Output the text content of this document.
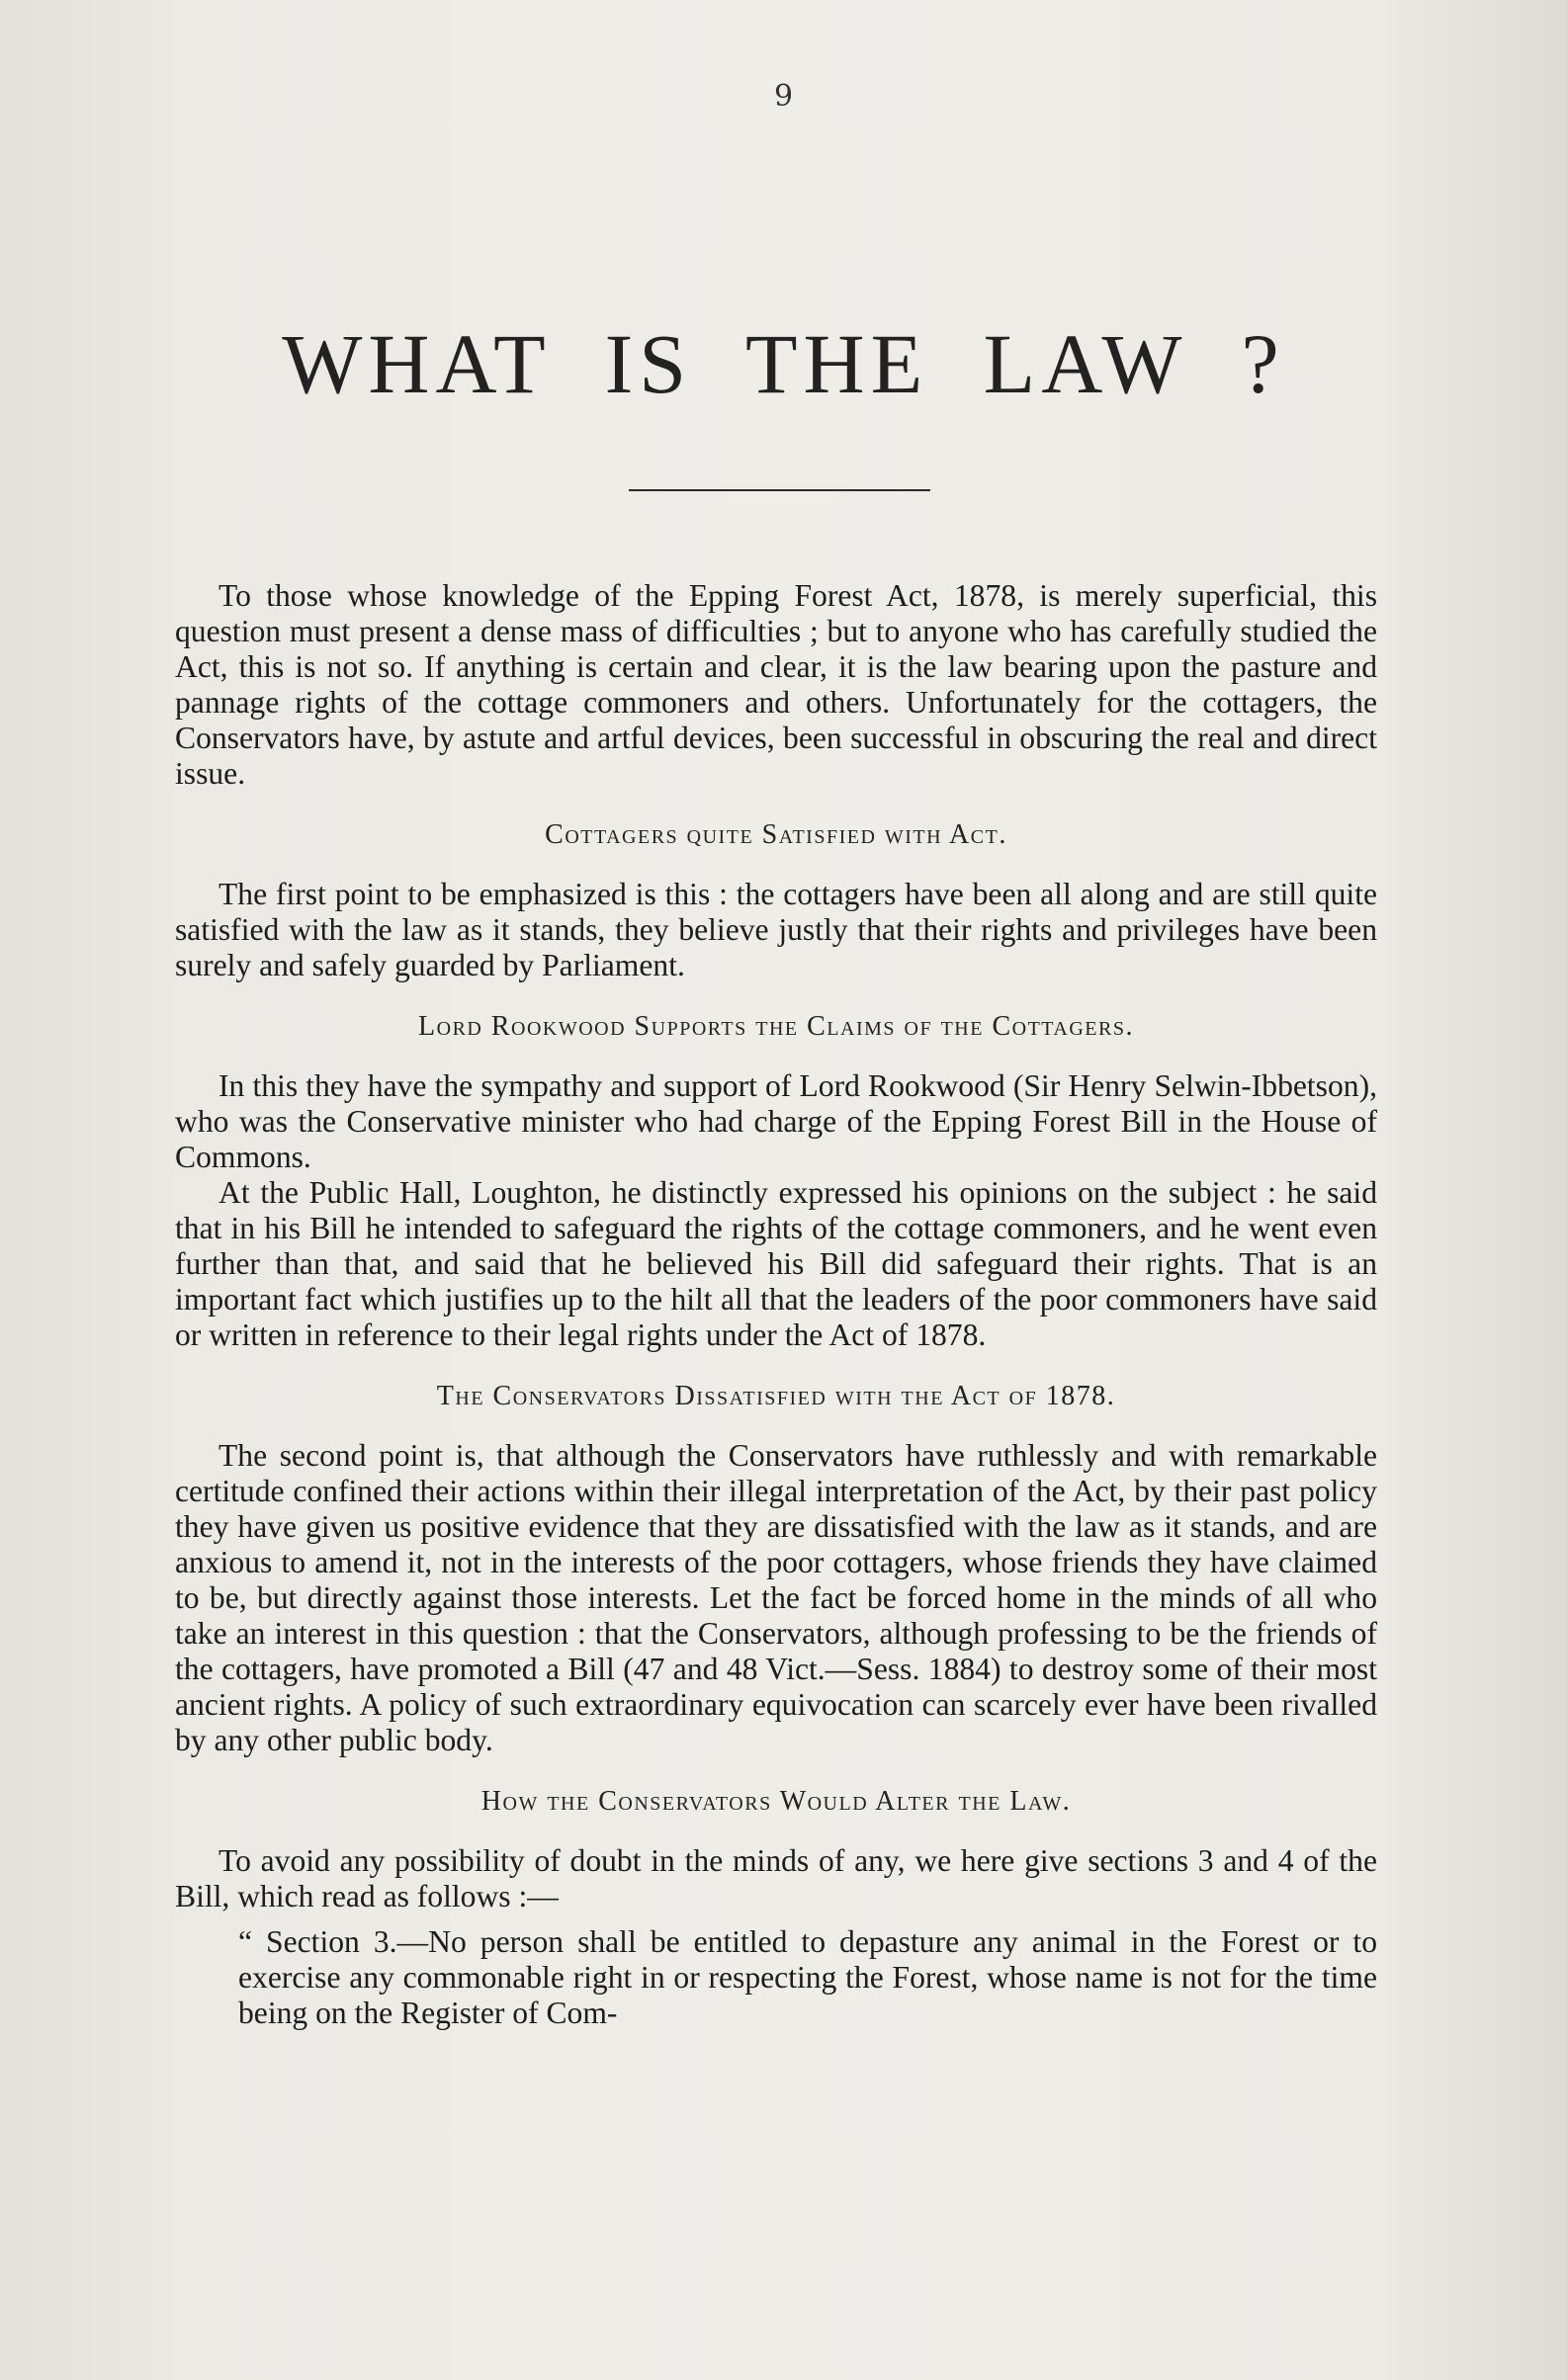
9
WHAT IS THE LAW ?

To those whose knowledge of the Epping Forest Act, 1878, is merely superficial, this question must present a dense mass of difficulties ; but to anyone who has carefully studied the Act, this is not so. If anything is certain and clear, it is the law bearing upon the pasture and pannage rights of the cottage commoners and others. Unfortunately for the cottagers, the Conservators have, by astute and artful devices, been successful in obscuring the real and direct issue.

Cottagers quite Satisfied with Act.

The first point to be emphasized is this : the cottagers have been all along and are still quite satisfied with the law as it stands, they believe justly that their rights and privileges have been surely and safely guarded by Parliament.

Lord Rookwood Supports the Claims of the Cottagers.

In this they have the sympathy and support of Lord Rookwood (Sir Henry Selwin-Ibbetson), who was the Conservative minister who had charge of the Epping Forest Bill in the House of Commons.

At the Public Hall, Loughton, he distinctly expressed his opinions on the subject : he said that in his Bill he intended to safeguard the rights of the cottage commoners, and he went even further than that, and said that he believed his Bill did safeguard their rights. That is an important fact which justifies up to the hilt all that the leaders of the poor commoners have said or written in reference to their legal rights under the Act of 1878.

The Conservators Dissatisfied with the Act of 1878.

The second point is, that although the Conservators have ruthlessly and with remarkable certitude confined their actions within their illegal interpretation of the Act, by their past policy they have given us positive evidence that they are dissatisfied with the law as it stands, and are anxious to amend it, not in the interests of the poor cottagers, whose friends they have claimed to be, but directly against those interests. Let the fact be forced home in the minds of all who take an interest in this question : that the Conservators, although professing to be the friends of the cottagers, have promoted a Bill (47 and 48 Vict.—Sess. 1884) to destroy some of their most ancient rights. A policy of such extraordinary equivocation can scarcely ever have been rivalled by any other public body.

How the Conservators Would Alter the Law.

To avoid any possibility of doubt in the minds of any, we here give sections 3 and 4 of the Bill, which read as follows :—

“ Section 3.—No person shall be entitled to depasture any animal in the Forest or to exercise any commonable right in or respecting the Forest, whose name is not for the time being on the Register of Com-
